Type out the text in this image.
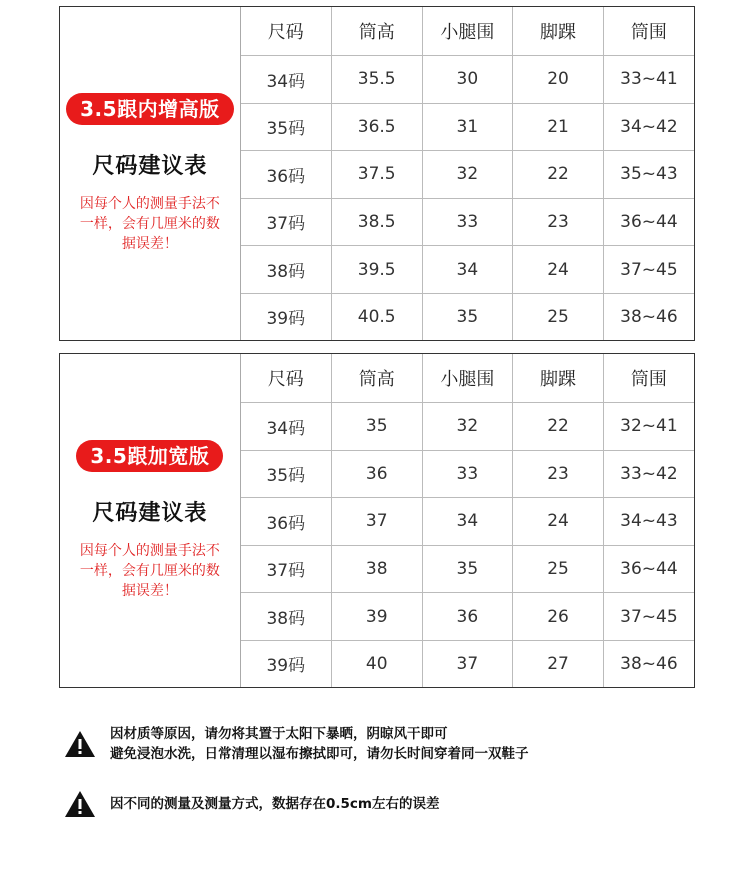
3.5跟内增高版
尺码建议表
因每个人的测量手法不一样，会有几厘米的数据误差！
尺码	筒高	小腿围	脚踝	筒围
34码	35.5	30	20	33~41
35码	36.5	31	21	34~42
36码	37.5	32	22	35~43
37码	38.5	33	23	36~44
38码	39.5	34	24	37~45
39码	40.5	35	25	38~46
3.5跟加宽版
尺码建议表
因每个人的测量手法不一样，会有几厘米的数据误差！
尺码	筒高	小腿围	脚踝	筒围
34码	35	32	22	32~41
35码	36	33	23	33~42
36码	37	34	24	34~43
37码	38	35	25	36~44
38码	39	36	26	37~45
39码	40	37	27	38~46
因材质等原因，请勿将其置于太阳下暴晒，阴晾风干即可
避免浸泡水洗，日常清理以湿布擦拭即可，请勿长时间穿着同一双鞋子
因不同的测量及测量方式，数据存在0.5cm左右的误差
